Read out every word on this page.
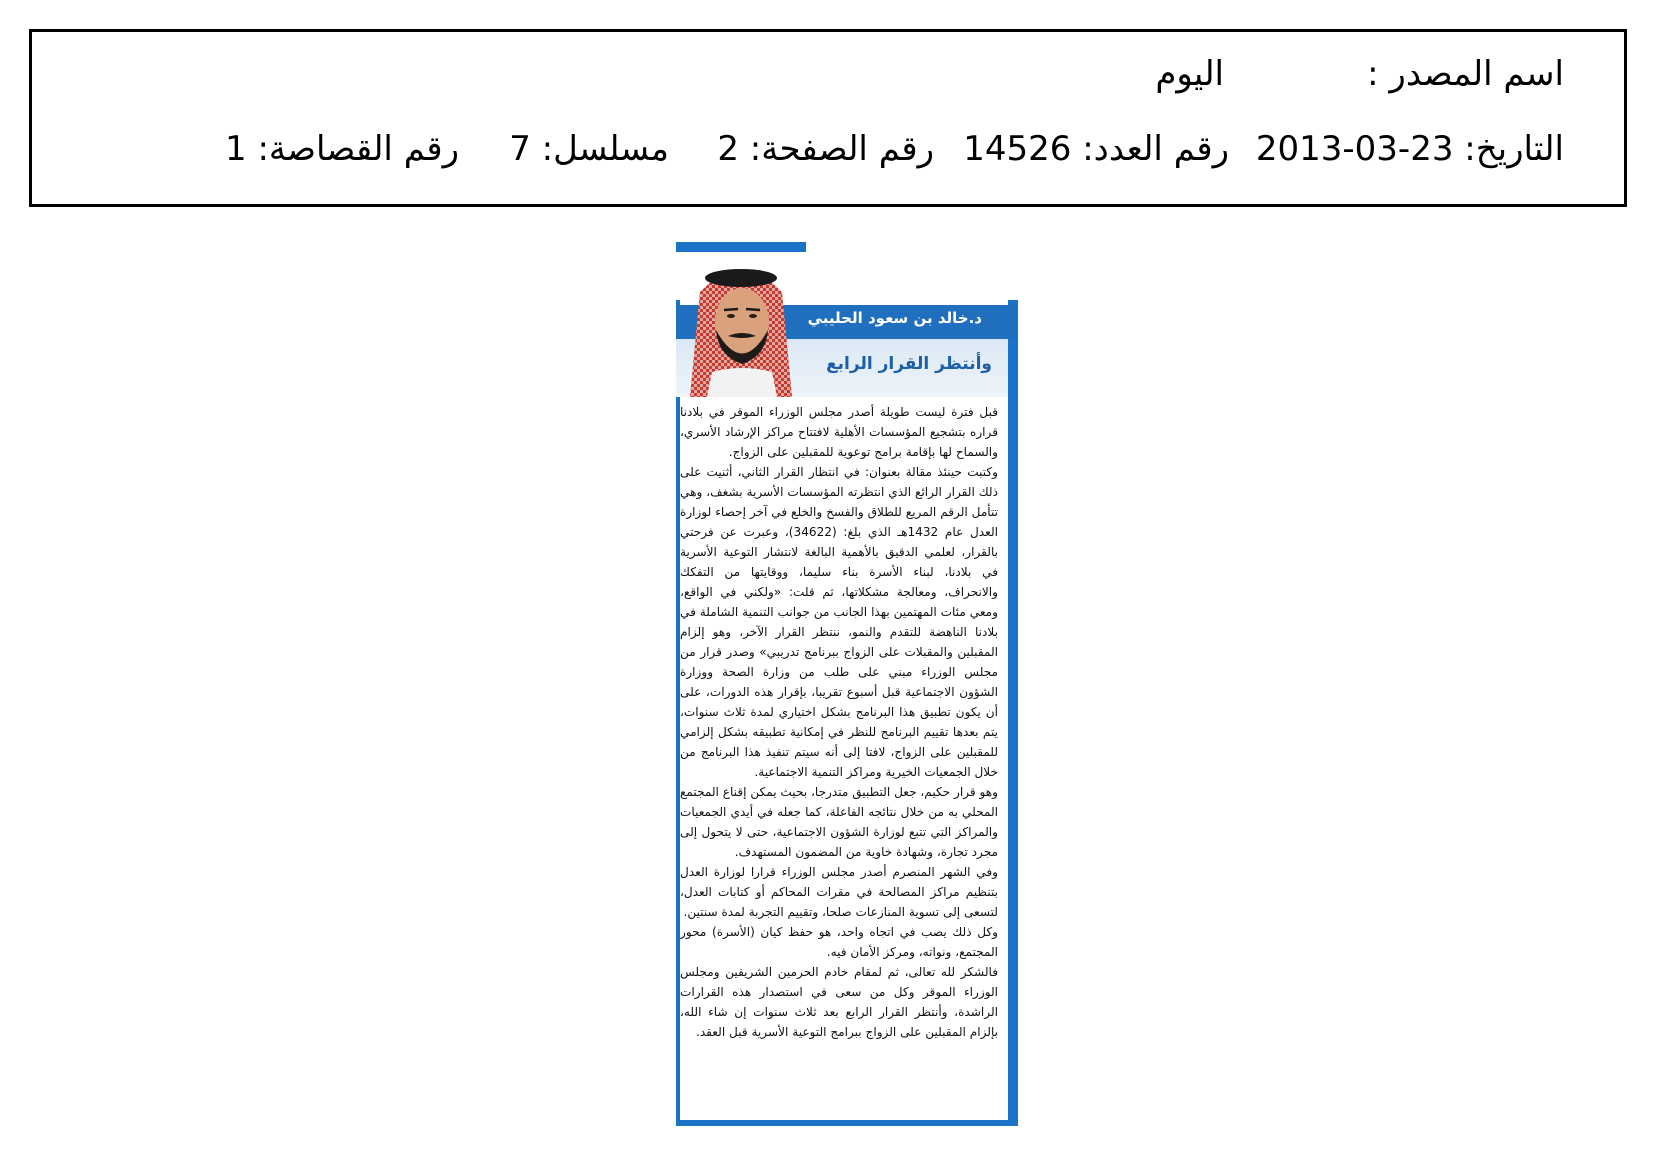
اسم المصدر :
اليوم
التاريخ: 23-03-2013
رقم العدد: 14526
رقم الصفحة: 2
مسلسل: 7
رقم القصاصة: 1
د.خالد بن سعود الحليبي
وأنتظر القرار الرابع

قبل فترة ليست طويلة أصدر مجلس الوزراء الموقر في بلادنا قراره بتشجيع المؤسسات الأهلية لافتتاح مراكز الإرشاد الأسري، والسماح لها بإقامة برامج توعوية للمقبلين على الزواج.

وكتبت حينئذ مقالة بعنوان: في انتظار القرار الثاني، أثنيت على ذلك القرار الرائع الذي انتظرته المؤسسات الأسرية بشغف، وهي تتأمل الرقم المريع للطلاق والفسخ والخلع في آخر إحصاء لوزارة العدل عام 1432هـ الذي بلغ: (34622)، وعبرت عن فرحتي بالقرار، لعلمي الدقيق بالأهمية البالغة لانتشار التوعية الأسرية في بلادنا، لبناء الأسرة بناء سليما، ووقايتها من التفكك والانحراف، ومعالجة مشكلاتها، ثم قلت: «ولكني في الواقع، ومعي مئات المهتمين بهذا الجانب من جوانب التنمية الشاملة في بلادنا الناهضة للتقدم والنمو، ننتظر القرار الآخر، وهو إلزام المقبلين والمقبلات على الزواج ببرنامج تدريبي» وصدر قرار من مجلس الوزراء مبني على طلب من وزارة الصحة ووزارة الشؤون الاجتماعية قبل أسبوع تقريبا، بإقرار هذه الدورات، على أن يكون تطبيق هذا البرنامج بشكل اختياري لمدة ثلاث سنوات، يتم بعدها تقييم البرنامج للنظر في إمكانية تطبيقه بشكل إلزامي للمقبلين على الزواج، لافتا إلى أنه سيتم تنفيذ هذا البرنامج من خلال الجمعيات الخيرية ومراكز التنمية الاجتماعية.

وهو قرار حكيم، جعل التطبيق متدرجا، بحيث يمكن إقناع المجتمع المحلي به من خلال نتائجه الفاعلة، كما جعله في أيدي الجمعيات والمراكز التي تتبع لوزارة الشؤون الاجتماعية، حتى لا يتحول إلى مجرد تجارة، وشهادة خاوية من المضمون المستهدف.

وفي الشهر المنصرم أصدر مجلس الوزراء قرارا لوزارة العدل بتنظيم مراكز المصالحة في مقرات المحاكم أو كتابات العدل، لتسعى إلى تسوية المنازعات صلحا، وتقييم التجربة لمدة سنتين.

وكل ذلك يصب في اتجاه واحد، هو حفظ كيان (الأسرة) محور المجتمع، ونواته، ومركز الأمان فيه.

فالشكر لله تعالى، ثم لمقام خادم الحرمين الشريفين ومجلس الوزراء الموقر وكل من سعى في استصدار هذه القرارات الراشدة، وأنتظر القرار الرابع بعد ثلاث سنوات إن شاء الله، بإلزام المقبلين على الزواج ببرامج التوعية الأسرية قبل العقد.
